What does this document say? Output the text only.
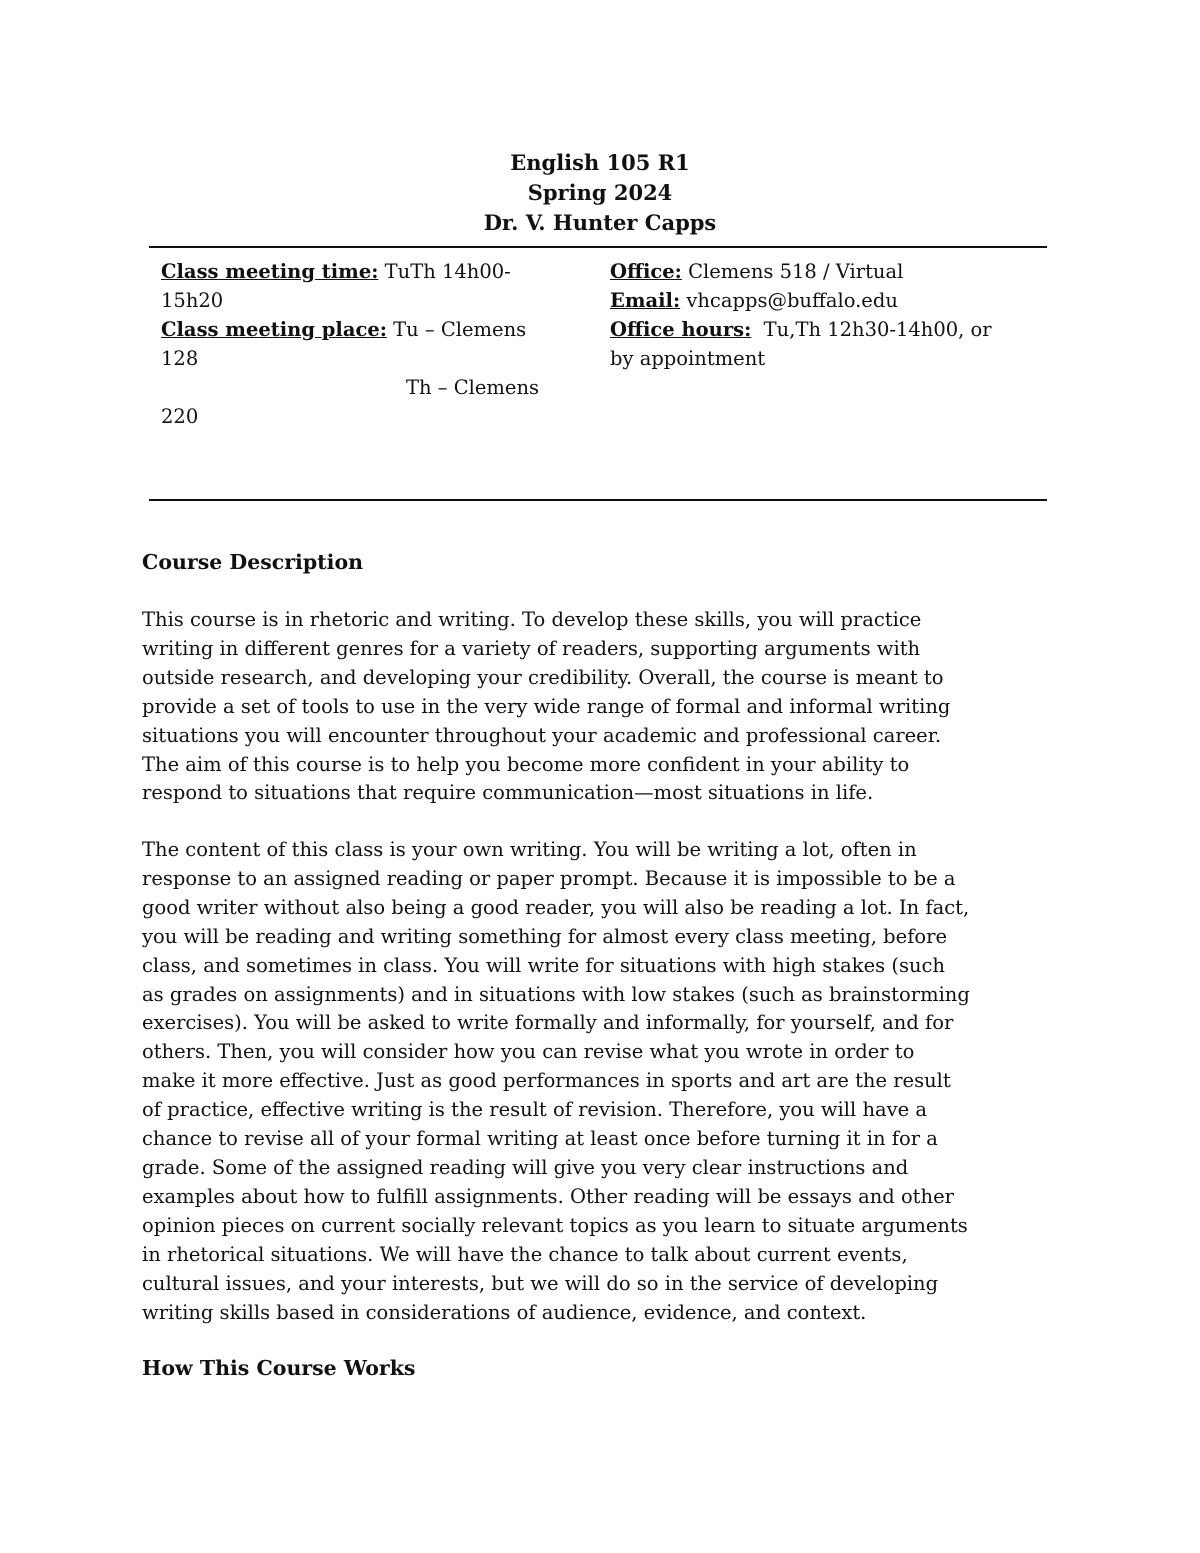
English 105 R1
Spring 2024
Dr. V. Hunter Capps
Class meeting time: TuTh 14h00-
15h20
Class meeting place: Tu – Clemens
128
Th – Clemens
220
Office: Clemens 518 / Virtual
Email: vhcapps@buffalo.edu
Office hours:  Tu,Th 12h30-14h00, or
by appointment
Course Description
This course is in rhetoric and writing. To develop these skills, you will practice
writing in different genres for a variety of readers, supporting arguments with
outside research, and developing your credibility. Overall, the course is meant to
provide a set of tools to use in the very wide range of formal and informal writing
situations you will encounter throughout your academic and professional career.
The aim of this course is to help you become more confident in your ability to
respond to situations that require communication—most situations in life.
The content of this class is your own writing. You will be writing a lot, often in
response to an assigned reading or paper prompt. Because it is impossible to be a
good writer without also being a good reader, you will also be reading a lot. In fact,
you will be reading and writing something for almost every class meeting, before
class, and sometimes in class. You will write for situations with high stakes (such
as grades on assignments) and in situations with low stakes (such as brainstorming
exercises). You will be asked to write formally and informally, for yourself, and for
others. Then, you will consider how you can revise what you wrote in order to
make it more effective. Just as good performances in sports and art are the result
of practice, effective writing is the result of revision. Therefore, you will have a
chance to revise all of your formal writing at least once before turning it in for a
grade. Some of the assigned reading will give you very clear instructions and
examples about how to fulfill assignments. Other reading will be essays and other
opinion pieces on current socially relevant topics as you learn to situate arguments
in rhetorical situations. We will have the chance to talk about current events,
cultural issues, and your interests, but we will do so in the service of developing
writing skills based in considerations of audience, evidence, and context.
How This Course Works
